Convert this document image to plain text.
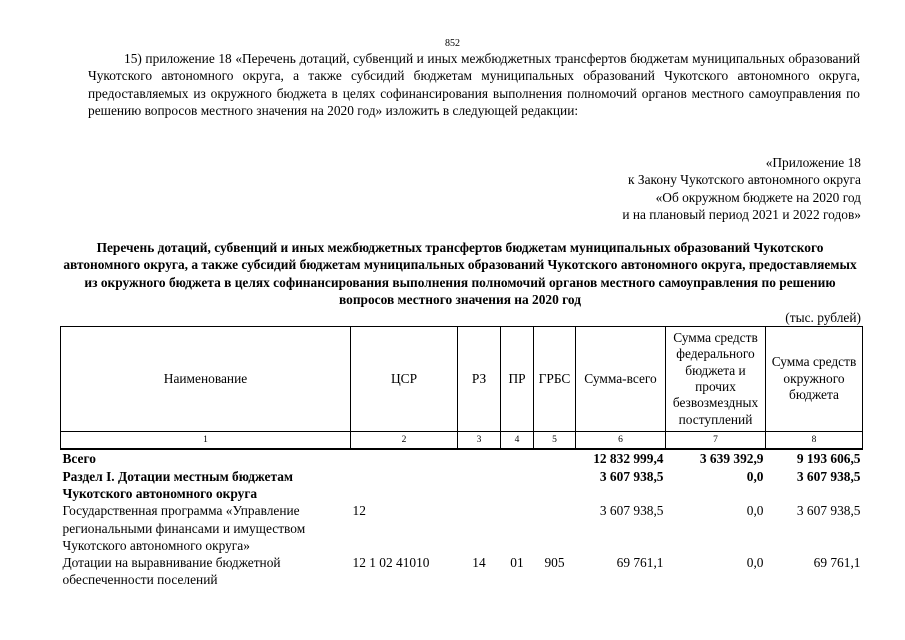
852
15) приложение 18 «Перечень дотаций, субвенций и иных межбюджетных трансфертов бюджетам муниципальных образований Чукотского автономного округа, а также субсидий бюджетам муниципальных образований Чукотского автономного округа, предоставляемых из окружного бюджета в целях софинансирования выполнения полномочий органов местного самоуправления по решению вопросов местного значения на 2020 год» изложить в следующей редакции:
«Приложение 18
к Закону Чукотского автономного округа
«Об окружном бюджете на 2020 год
и на плановый период 2021 и 2022 годов»
Перечень дотаций, субвенций и иных межбюджетных трансфертов бюджетам муниципальных образований Чукотского автономного округа, а также субсидий бюджетам муниципальных образований Чукотского автономного округа, предоставляемых из окружного бюджета в целях софинансирования выполнения полномочий органов местного самоуправления по решению вопросов местного значения на 2020 год
(тыс. рублей)
Наименование	ЦСР	РЗ	ПР	ГРБС	Сумма-всего	Сумма средств федерального бюджета и прочих безвозмездных поступлений	Сумма средств окружного бюджета
1	2	3	4	5	6	7	8
Всего					12 832 999,4	3 639 392,9	9 193 606,5
Раздел I. Дотации местным бюджетам Чукотского автономного округа					3 607 938,5	0,0	3 607 938,5
Государственная программа «Управление региональными финансами и имуществом Чукотского автономного округа»	12				3 607 938,5	0,0	3 607 938,5
Дотации на выравнивание бюджетной обеспеченности поселений	12 1 02 41010	14	01	905	69 761,1	0,0	69 761,1
